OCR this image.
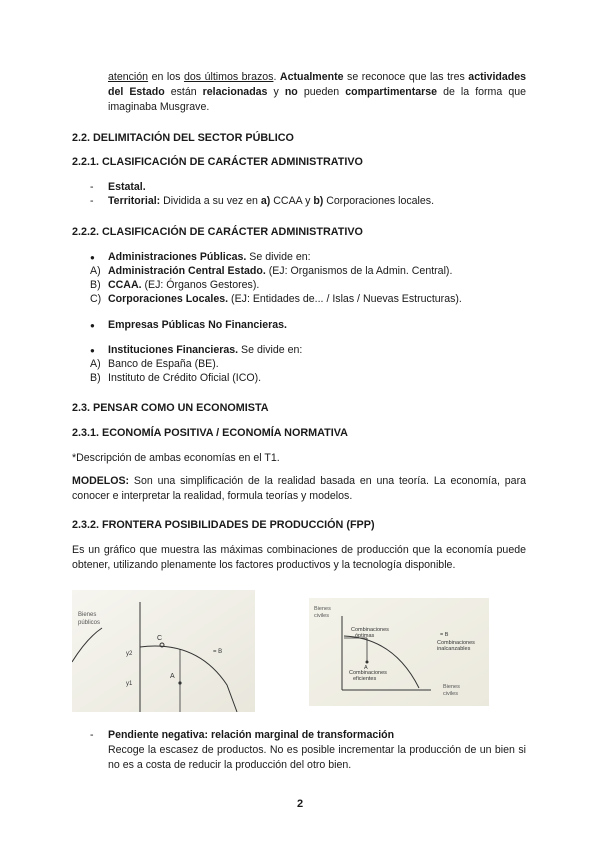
atención en los dos últimos brazos. Actualmente se reconoce que las tres actividades del Estado están relacionadas y no pueden compartimentarse de la forma que imaginaba Musgrave.
2.2. DELIMITACIÓN DEL SECTOR PÚBLICO
2.2.1. CLASIFICACIÓN DE CARÁCTER ADMINISTRATIVO
- Estatal.
- Territorial: Dividida a su vez en a) CCAA y b) Corporaciones locales.
2.2.2. CLASIFICACIÓN DE CARÁCTER ADMINISTRATIVO
● Administraciones Públicas. Se divide en:
A) Administración Central Estado. (EJ: Organismos de la Admin. Central).
B) CCAA. (EJ: Órganos Gestores).
C) Corporaciones Locales. (EJ: Entidades de... / Islas / Nuevas Estructuras).
● Empresas Públicas No Financieras.
● Instituciones Financieras. Se divide en:
A) Banco de España (BE).
B) Instituto de Crédito Oficial (ICO).
2.3. PENSAR COMO UN ECONOMISTA
2.3.1. ECONOMÍA POSITIVA / ECONOMÍA NORMATIVA
*Descripción de ambas economías en el T1.
MODELOS: Son una simplificación de la realidad basada en una teoría. La economía, para conocer e interpretar la realidad, formula teorías y modelos.
2.3.2. FRONTERA POSIBILIDADES DE PRODUCCIÓN (FPP)
Es un gráfico que muestra las máximas combinaciones de producción que la economía puede obtener, utilizando plenamente los factores productivos y la tecnología disponible.
Bienes
públicos
C
= B
A
y2
y1
Bienes
civiles
Combinaciones
óptimas	= B
Combinaciones
inalcanzables
Combinaciones
eficientes
Bienes
civiles
A
- Pendiente negativa: relación marginal de transformación
Recoge la escasez de productos. No es posible incrementar la producción de un bien si no es a costa de reducir la producción del otro bien.
2
